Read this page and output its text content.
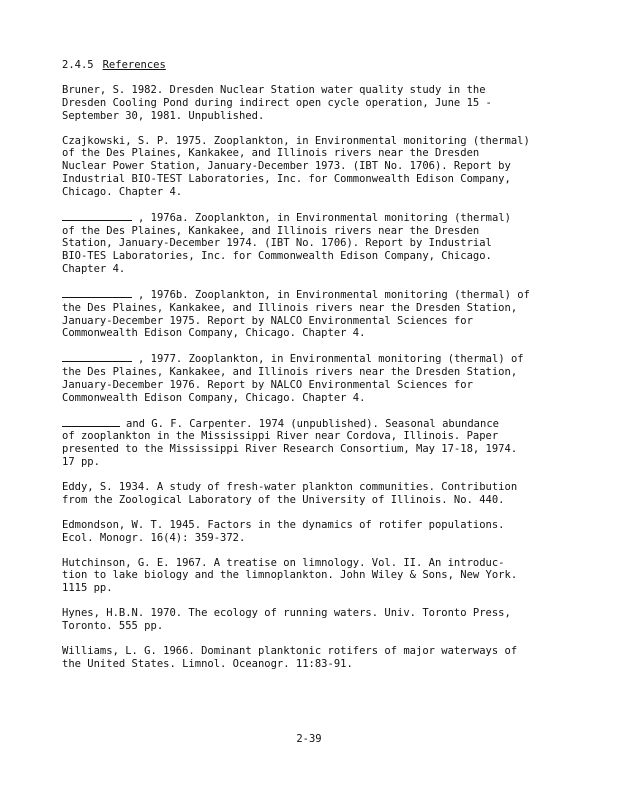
2.4.5 References
Bruner, S. 1982. Dresden Nuclear Station water quality study in the
Dresden Cooling Pond during indirect open cycle operation, June 15 -
September 30, 1981. Unpublished.
Czajkowski, S. P. 1975. Zooplankton, in Environmental monitoring (thermal)
of the Des Plaines, Kankakee, and Illinois rivers near the Dresden
Nuclear Power Station, January-December 1973. (IBT No. 1706). Report by
Industrial BIO-TEST Laboratories, Inc. for Commonwealth Edison Company,
Chicago. Chapter 4.
, 1976a. Zooplankton, in Environmental monitoring (thermal)
of the Des Plaines, Kankakee, and Illinois rivers near the Dresden
Station, January-December 1974. (IBT No. 1706). Report by Industrial
BIO-TES Laboratories, Inc. for Commonwealth Edison Company, Chicago.
Chapter 4.
, 1976b. Zooplankton, in Environmental monitoring (thermal) of
the Des Plaines, Kankakee, and Illinois rivers near the Dresden Station,
January-December 1975. Report by NALCO Environmental Sciences for
Commonwealth Edison Company, Chicago. Chapter 4.
, 1977. Zooplankton, in Environmental monitoring (thermal) of
the Des Plaines, Kankakee, and Illinois rivers near the Dresden Station,
January-December 1976. Report by NALCO Environmental Sciences for
Commonwealth Edison Company, Chicago. Chapter 4.
and G. F. Carpenter. 1974 (unpublished). Seasonal abundance
of zooplankton in the Mississippi River near Cordova, Illinois. Paper
presented to the Mississippi River Research Consortium, May 17-18, 1974.
17 pp.
Eddy, S. 1934. A study of fresh-water plankton communities. Contribution
from the Zoological Laboratory of the University of Illinois. No. 440.
Edmondson, W. T. 1945. Factors in the dynamics of rotifer populations.
Ecol. Monogr. 16(4): 359-372.
Hutchinson, G. E. 1967. A treatise on limnology. Vol. II. An introduc-
tion to lake biology and the limnoplankton. John Wiley & Sons, New York.
1115 pp.
Hynes, H.B.N. 1970. The ecology of running waters. Univ. Toronto Press,
Toronto. 555 pp.
Williams, L. G. 1966. Dominant planktonic rotifers of major waterways of
the United States. Limnol. Oceanogr. 11:83-91.
2-39
